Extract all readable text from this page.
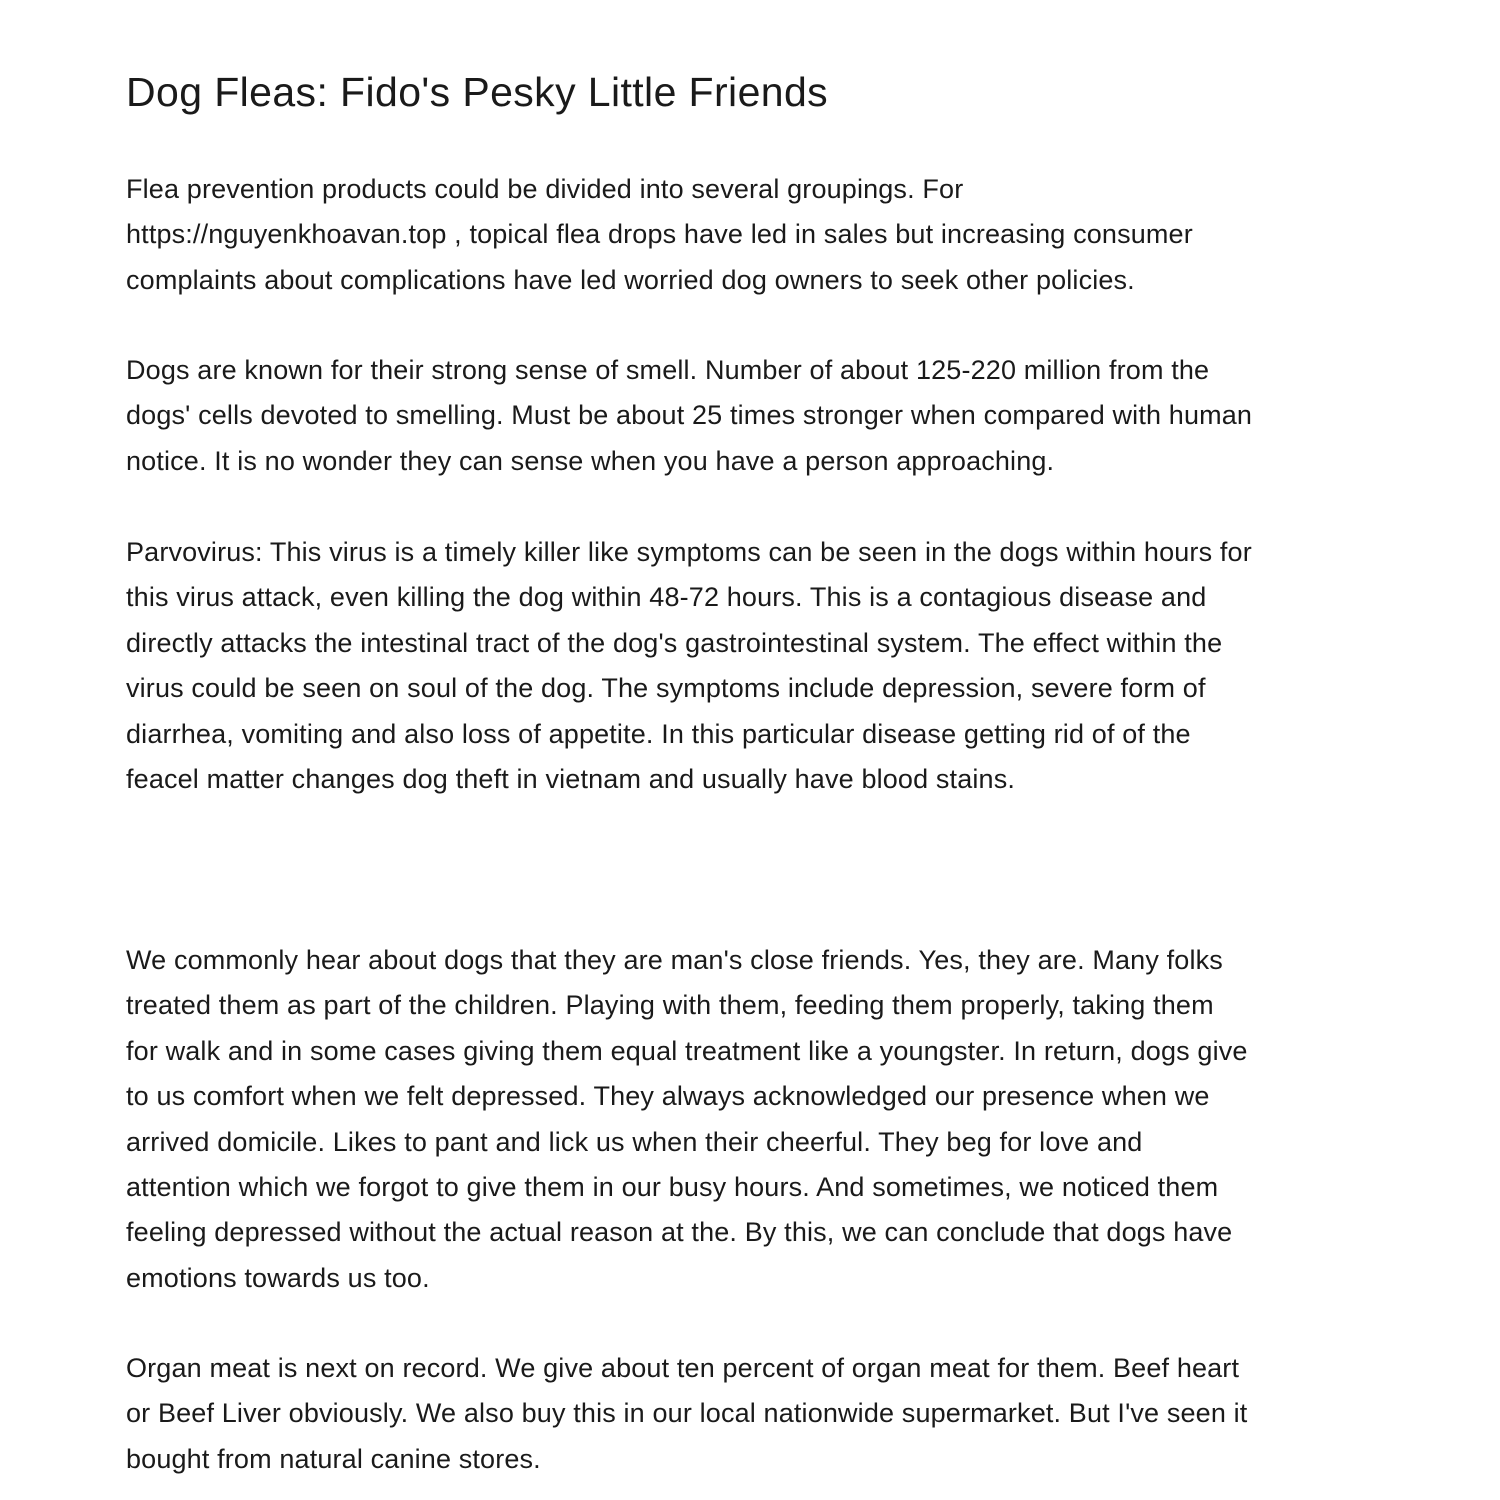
Dog Fleas: Fido's Pesky Little Friends

Flea prevention products could be divided into several groupings. For
https://nguyenkhoavan.top , topical flea drops have led in sales but increasing consumer
complaints about complications have led worried dog owners to seek other policies.

Dogs are known for their strong sense of smell. Number of about 125-220 million from the
dogs' cells devoted to smelling. Must be about 25 times stronger when compared with human
notice. It is no wonder they can sense when you have a person approaching.

Parvovirus: This virus is a timely killer like symptoms can be seen in the dogs within hours for
this virus attack, even killing the dog within 48-72 hours. This is a contagious disease and
directly attacks the intestinal tract of the dog's gastrointestinal system. The effect within the
virus could be seen on soul of the dog. The symptoms include depression, severe form of
diarrhea, vomiting and also loss of appetite. In this particular disease getting rid of of the
feacel matter changes dog theft in vietnam and usually have blood stains.

We commonly hear about dogs that they are man's close friends. Yes, they are. Many folks
treated them as part of the children. Playing with them, feeding them properly, taking them
for walk and in some cases giving them equal treatment like a youngster. In return, dogs give
to us comfort when we felt depressed. They always acknowledged our presence when we
arrived domicile. Likes to pant and lick us when their cheerful. They beg for love and
attention which we forgot to give them in our busy hours. And sometimes, we noticed them
feeling depressed without the actual reason at the. By this, we can conclude that dogs have
emotions towards us too.

Organ meat is next on record. We give about ten percent of organ meat for them. Beef heart
or Beef Liver obviously. We also buy this in our local nationwide supermarket. But I've seen it
bought from natural canine stores.
